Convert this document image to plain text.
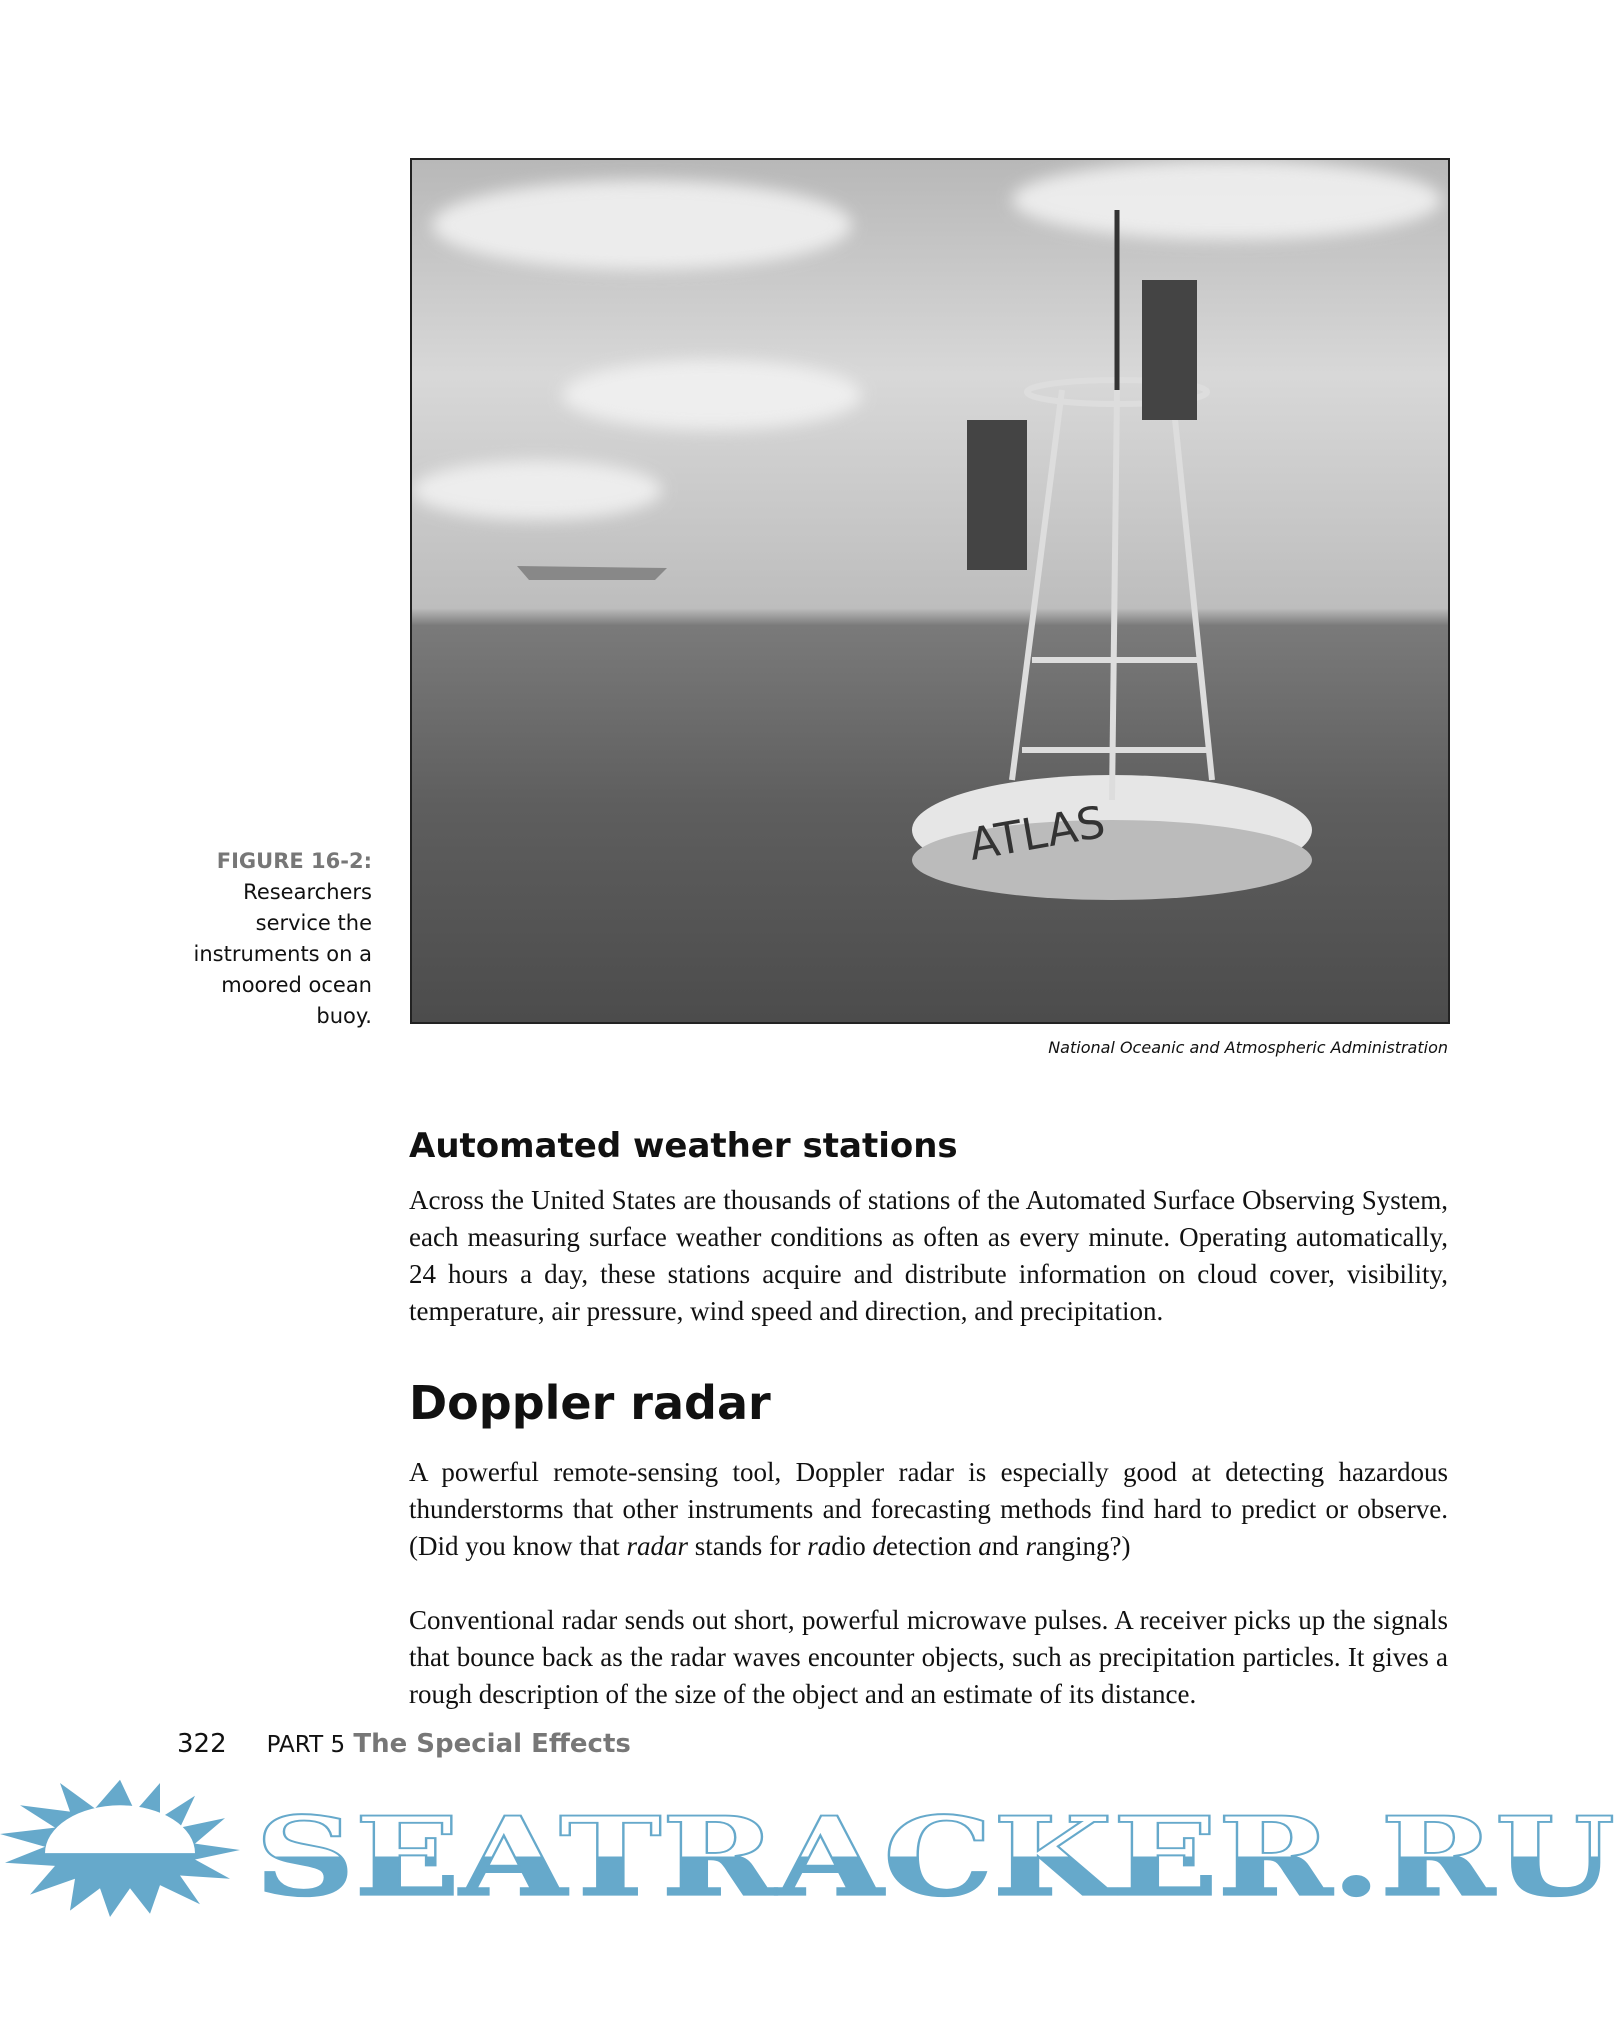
ATLAS
FIGURE 16-2:
Researchers
service the
instruments on a
moored ocean
buoy.
National Oceanic and Atmospheric Administration
Automated weather stations

Across the United States are thousands of stations of the Automated Surface Observing System, each measuring surface weather conditions as often as every minute. Operating automatically, 24 hours a day, these stations acquire and distribute information on cloud cover, visibility, temperature, air pressure, wind speed and direction, and precipitation.

Doppler radar

A powerful remote-sensing tool, Doppler radar is especially good at detecting hazardous thunderstorms that other instruments and forecasting methods find hard to predict or observe. (Did you know that radar stands for radio detection and ranging?)

Conventional radar sends out short, powerful microwave pulses. A receiver picks up the signals that bounce back as the radar waves encounter objects, such as precipitation particles. It gives a rough description of the size of the object and an estimate of its distance.

322 PART 5 The Special Effects
SEATRACKER.RU
